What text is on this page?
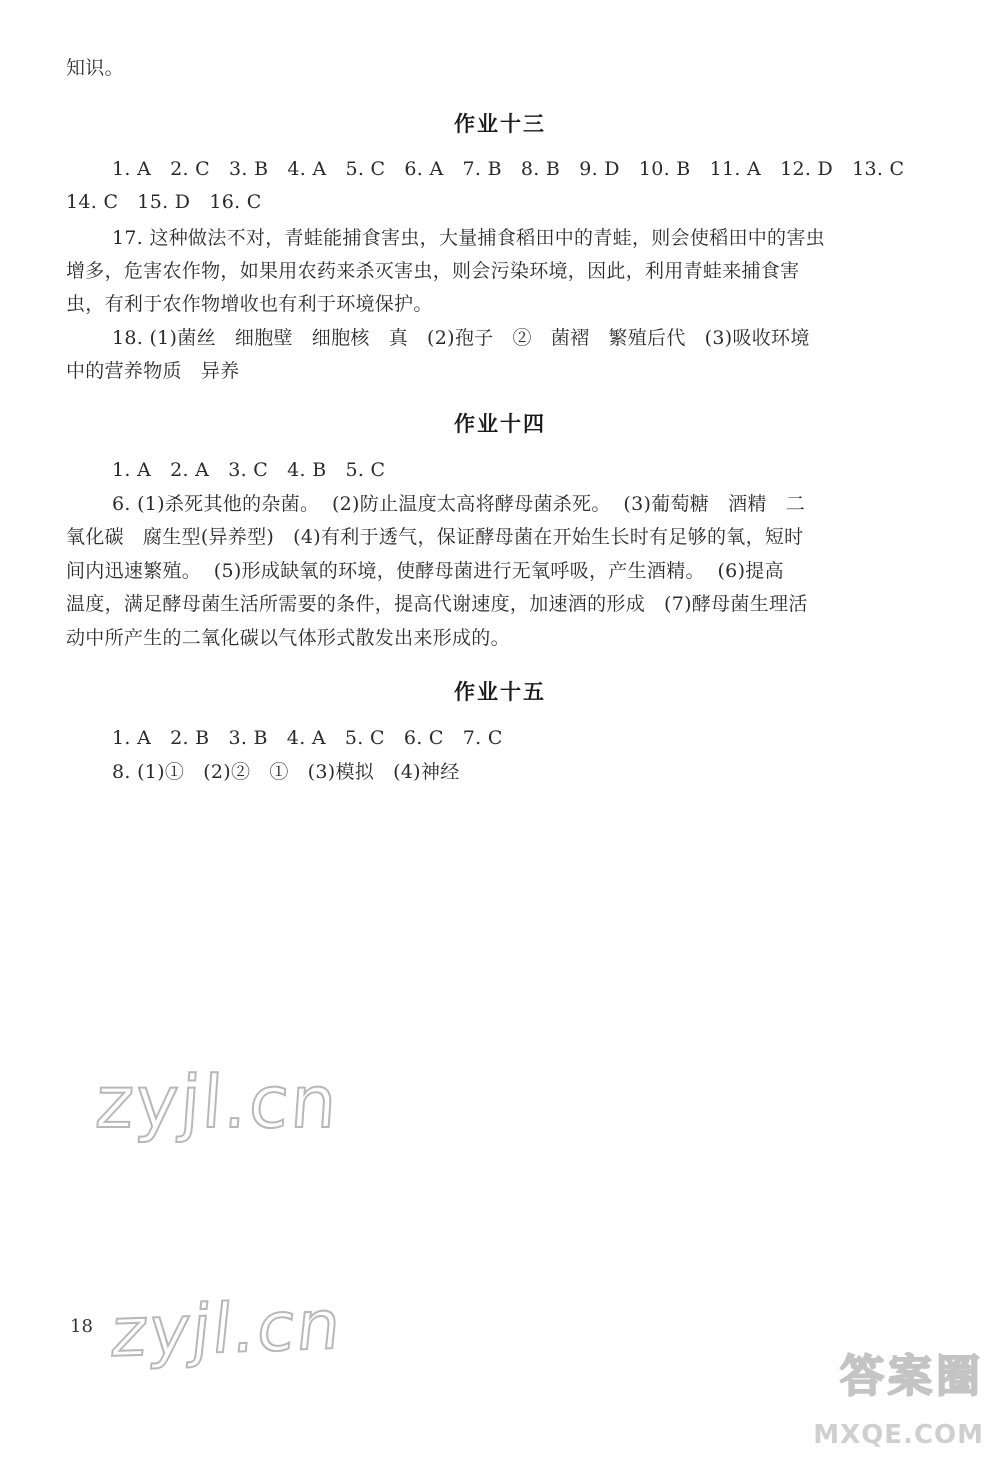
知识。
作业十三
1. A   2. C   3. B   4. A   5. C   6. A   7. B   8. B   9. D   10. B   11. A   12. D   13. C
14. C   15. D   16. C
17. 这种做法不对，青蛙能捕食害虫，大量捕食稻田中的青蛙，则会使稻田中的害虫
增多，危害农作物，如果用农药来杀灭害虫，则会污染环境，因此，利用青蛙来捕食害
虫，有利于农作物增收也有利于环境保护。
18. (1)菌丝   细胞壁   细胞核   真   (2)孢子   ②   菌褶   繁殖后代   (3)吸收环境
中的营养物质   异养
作业十四
1. A   2. A   3. C   4. B   5. C
6. (1)杀死其他的杂菌。  (2)防止温度太高将酵母菌杀死。  (3)葡萄糖   酒精   二
氧化碳   腐生型(异养型)   (4)有利于透气，保证酵母菌在开始生长时有足够的氧，短时
间内迅速繁殖。  (5)形成缺氧的环境，使酵母菌进行无氧呼吸，产生酒精。  (6)提高
温度，满足酵母菌生活所需要的条件，提高代谢速度，加速酒的形成   (7)酵母菌生理活
动中所产生的二氧化碳以气体形式散发出来形成的。
作业十五
1. A   2. B   3. B   4. A   5. C   6. C   7. C
8. (1)①   (2)②   ①   (3)模拟   (4)神经
zyjl.cn
zyjl.cn
18
答案圈
MXQE.COM
